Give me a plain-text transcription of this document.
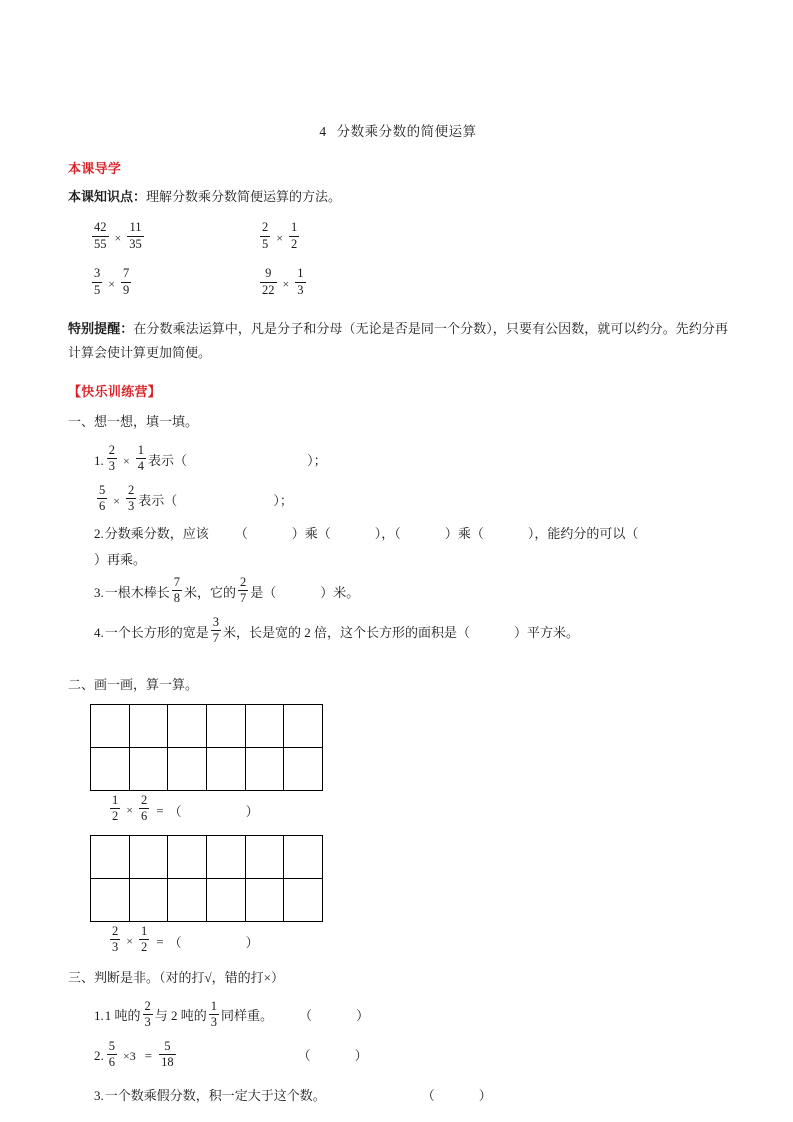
4 分数乘分数的简便运算
本课导学
本课知识点：理解分数乘分数简便运算的方法。
$\frac{42}{55} \times \frac{11}{35}$	$\frac{2}{5} \times \frac{1}{2}$
$\frac{3}{5} \times \frac{7}{9}$	$\frac{9}{22} \times \frac{1}{3}$
特别提醒：在分数乘法运算中，凡是分子和分母（无论是否是同一个分数），只要有公因数，就可以约分。先约分再计算会使计算更加简便。
【快乐训练营】
一、想一想，填一填。
1. $\frac{2}{3} \times \frac{1}{4}$ 表示 （	）；
$\frac{5}{6} \times \frac{2}{3}$ 表示 （	）；
2. 分数乘分数，应该 （	）乘（	），（	）乘（	），能约分的可以（
）再乘。
3. 一根木棒长 $\frac{7}{8}$ 米，它的 $\frac{2}{7}$ 是（	）米。
4. 一个长方形的宽是 $\frac{3}{7}$ 米，长是宽的 2 倍，这个长方形的面积是（	）平方米。
二、画一画，算一算。
$\frac{1}{2} \times \frac{2}{6}$ = （	）
$\frac{2}{3} \times \frac{1}{2}$ = （	）
三、判断是非。（对的打√，错的打×）
1. 1 吨的 $\frac{2}{3}$ 与 2 吨的 $\frac{1}{3}$ 同样重。 （	）
2. $\frac{5}{6} \times 3 = \frac{5}{18}$	（	）
3. 一个数乘假分数，积一定大于这个数。	（	）
